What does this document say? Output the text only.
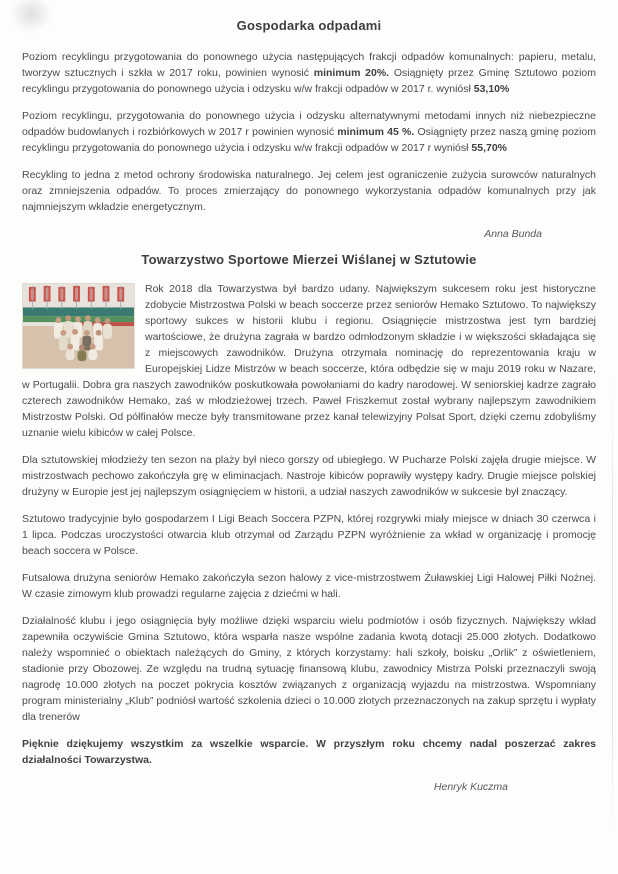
Gospodarka odpadami

Poziom recyklingu przygotowania do ponownego użycia następujących frakcji odpadów komunalnych: papieru, metalu, tworzyw sztucznych i szkła w 2017 roku, powinien wynosić minimum 20%. Osiągnięty przez Gminę Sztutowo poziom recyklingu przygotowania do ponownego użycia i odzysku w/w frakcji odpadów w 2017 r. wyniósł 53,10%

Poziom recyklingu, przygotowania do ponownego użycia i odzysku alternatywnymi metodami innych niż niebezpieczne odpadów budowlanych i rozbiórkowych w 2017 r powinien wynosić minimum 45 %. Osiągnięty przez naszą gminę poziom recyklingu przygotowania do ponownego użycia i odzysku w/w frakcji odpadów w 2017 r wyniósł 55,70%

Recykling to jedna z metod ochrony środowiska naturalnego. Jej celem jest ograniczenie zużycia surowców naturalnych oraz zmniejszenia odpadów. To proces zmierzający do ponownego wykorzystania odpadów komunalnych przy jak najmniejszym wkładzie energetycznym.

Anna Bunda
Towarzystwo Sportowe Mierzei Wiślanej w Sztutowie

Rok 2018 dla Towarzystwa był bardzo udany. Największym sukcesem roku jest historyczne zdobycie Mistrzostwa Polski w beach soccerze przez seniorów Hemako Sztutowo. To największy sportowy sukces w historii klubu i regionu. Osiągnięcie mistrzostwa jest tym bardziej wartościowe, że drużyna zagrała w bardzo odmłodzonym składzie i w większości składająca się z miejscowych zawodników. Drużyna otrzymała nominację do reprezentowania kraju w Europejskiej Lidze Mistrzów w beach soccerze, która odbędzie się w maju 2019 roku w Nazare, w Portugalii. Dobra gra naszych zawodników poskutkowała powołaniami do kadry narodowej. W seniorskiej kadrze zagrało czterech zawodników Hemako, zaś w młodzieżowej trzech. Paweł Friszkemut został wybrany najlepszym zawodnikiem Mistrzostw Polski. Od półfinałów mecze były transmitowane przez kanał telewizyjny Polsat Sport, dzięki czemu zdobyliśmy uznanie wielu kibiców w całej Polsce.

Dla sztutowskiej młodzieży ten sezon na plaży był nieco gorszy od ubiegłego. W Pucharze Polski zajęła drugie miejsce. W mistrzostwach pechowo zakończyła grę w eliminacjach. Nastroje kibiców poprawiły występy kadry. Drugie miejsce polskiej drużyny w Europie jest jej najlepszym osiągnięciem w historii, a udział naszych zawodników w sukcesie był znaczący.

Sztutowo tradycyjnie było gospodarzem I Ligi Beach Soccera PZPN, której rozgrywki miały miejsce w dniach 30 czerwca i 1 lipca. Podczas uroczystości otwarcia klub otrzymał od Zarządu PZPN wyróżnienie za wkład w organizację i promocję beach soccera w Polsce.

Futsalowa drużyna seniorów Hemako zakończyła sezon halowy z vice-mistrzostwem Żuławskiej Ligi Halowej Piłki Nożnej. W czasie zimowym klub prowadzi regularne zajęcia z dziećmi w hali.

Działalność klubu i jego osiągnięcia były możliwe dzięki wsparciu wielu podmiotów i osób fizycznych. Największy wkład zapewniła oczywiście Gmina Sztutowo, która wsparła nasze wspólne zadania kwotą dotacji 25.000 złotych. Dodatkowo należy wspomnieć o obiektach należących do Gminy, z których korzystamy: hali szkoły, boisku „Orlik” z oświetleniem, stadionie przy Obozowej. Ze względu na trudną sytuację finansową klubu, zawodnicy Mistrza Polski przeznaczyli swoją nagrodę 10.000 złotych na poczet pokrycia kosztów związanych z organizacją wyjazdu na mistrzostwa. Wspomniany program ministerialny „Klub” podniósł wartość szkolenia dzieci o 10.000 złotych przeznaczonych na zakup sprzętu i wypłaty dla trenerów

Pięknie dziękujemy wszystkim za wszelkie wsparcie. W przyszłym roku chcemy nadal poszerzać zakres działalności Towarzystwa.

Henryk Kuczma
